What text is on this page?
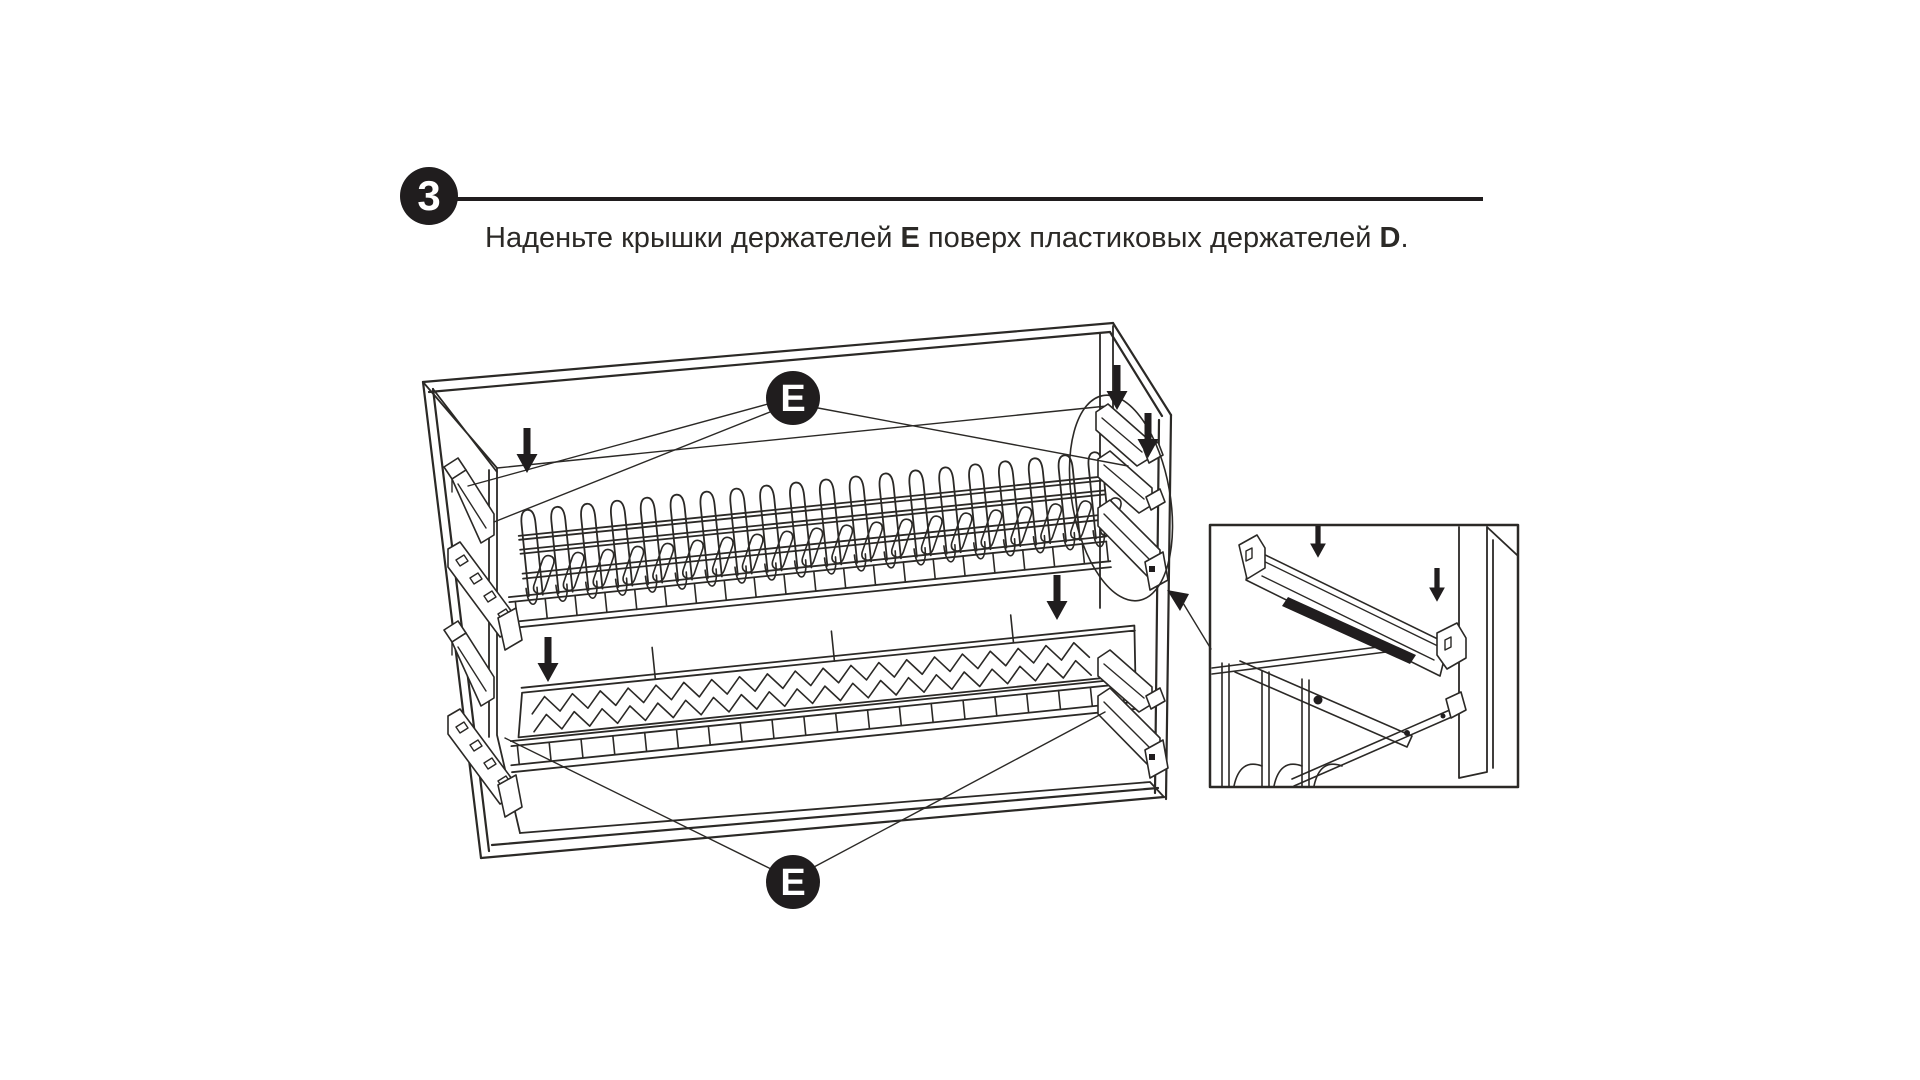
3
Наденьте крышки держателей E поверх пластиковых держателей D.
E
E
